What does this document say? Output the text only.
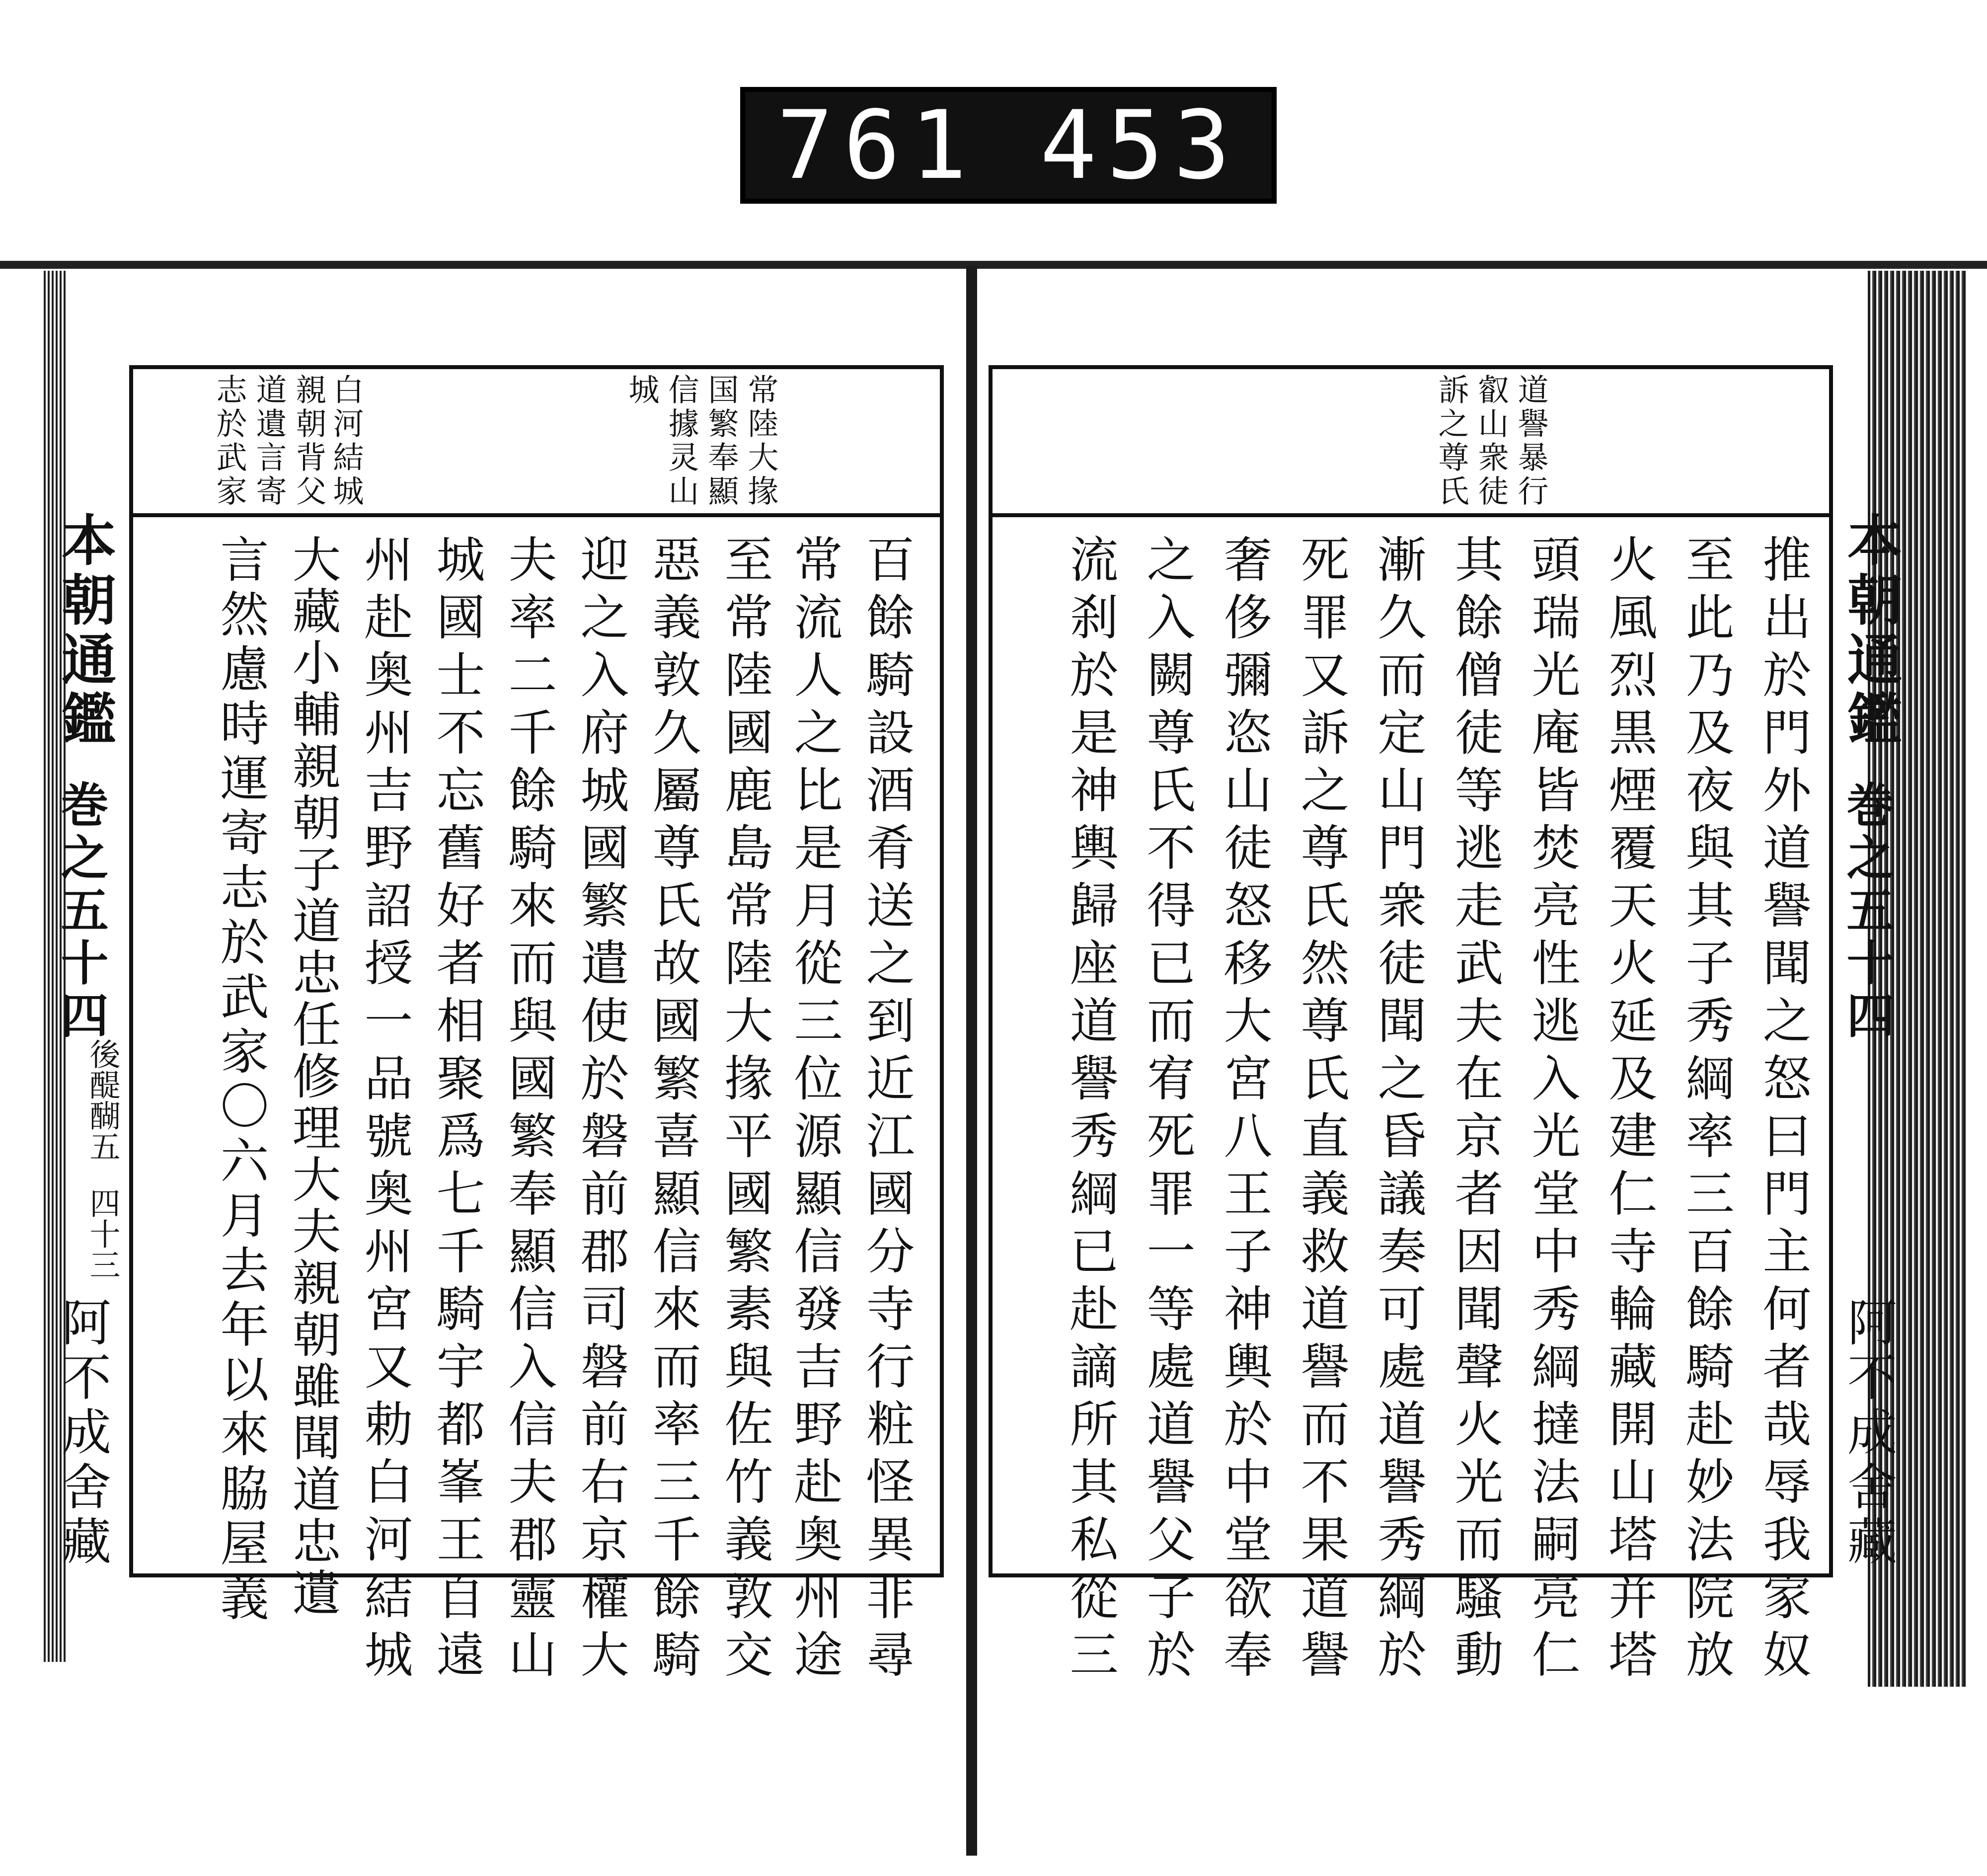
761 453
本朝通鑑
巻之五十四
後醍醐五
四十三
阿不成舍藏
白河結城
親朝背父
道遺言寄
志於武家	常陸大掾
国繁奉顯
信據灵山
城
百餘騎設酒肴送之到近江國分寺行粧怪異非尋
常流人之比是月從三位源顯信發吉野赴奥州途
至常陸國鹿島常陸大掾平國繁素與佐竹義敦交
惡義敦久屬尊氏故國繁喜顯信來而率三千餘騎
迎之入府城國繁遣使於磐前郡司磐前右京權大
夫率二千餘騎來而與國繁奉顯信入信夫郡靈山
城國士不忘舊好者相聚爲七千騎宇都峯王自遠
州赴奥州吉野詔授一品號奥州宮又勅白河結城
大藏小輔親朝子道忠任修理大夫親朝雖聞道忠遺
言然慮時運寄志於武家〇六月去年以來脇屋義	本朝通鑑
巻之五十四
阿不成舍藏
道譽暴行
叡山衆徒
訴之尊氏
推出於門外道譽聞之怒曰門主何者哉辱我家奴
至此乃及夜與其子秀綱率三百餘騎赴妙法院放
火風烈黒煙覆天火延及建仁寺輪藏開山塔并塔
頭瑞光庵皆焚亮性逃入光堂中秀綱撻法嗣亮仁
其餘僧徒等逃走武夫在京者因聞聲火光而騷動
漸久而定山門衆徒聞之昏議奏可處道譽秀綱於
死罪又訴之尊氏然尊氏直義救道譽而不果道譽
奢侈彌恣山徒怒移大宮八王子神輿於中堂欲奉
之入闕尊氏不得已而宥死罪一等處道譽父子於
流刹於是神輿歸座道譽秀綱已赴謫所其私從三
